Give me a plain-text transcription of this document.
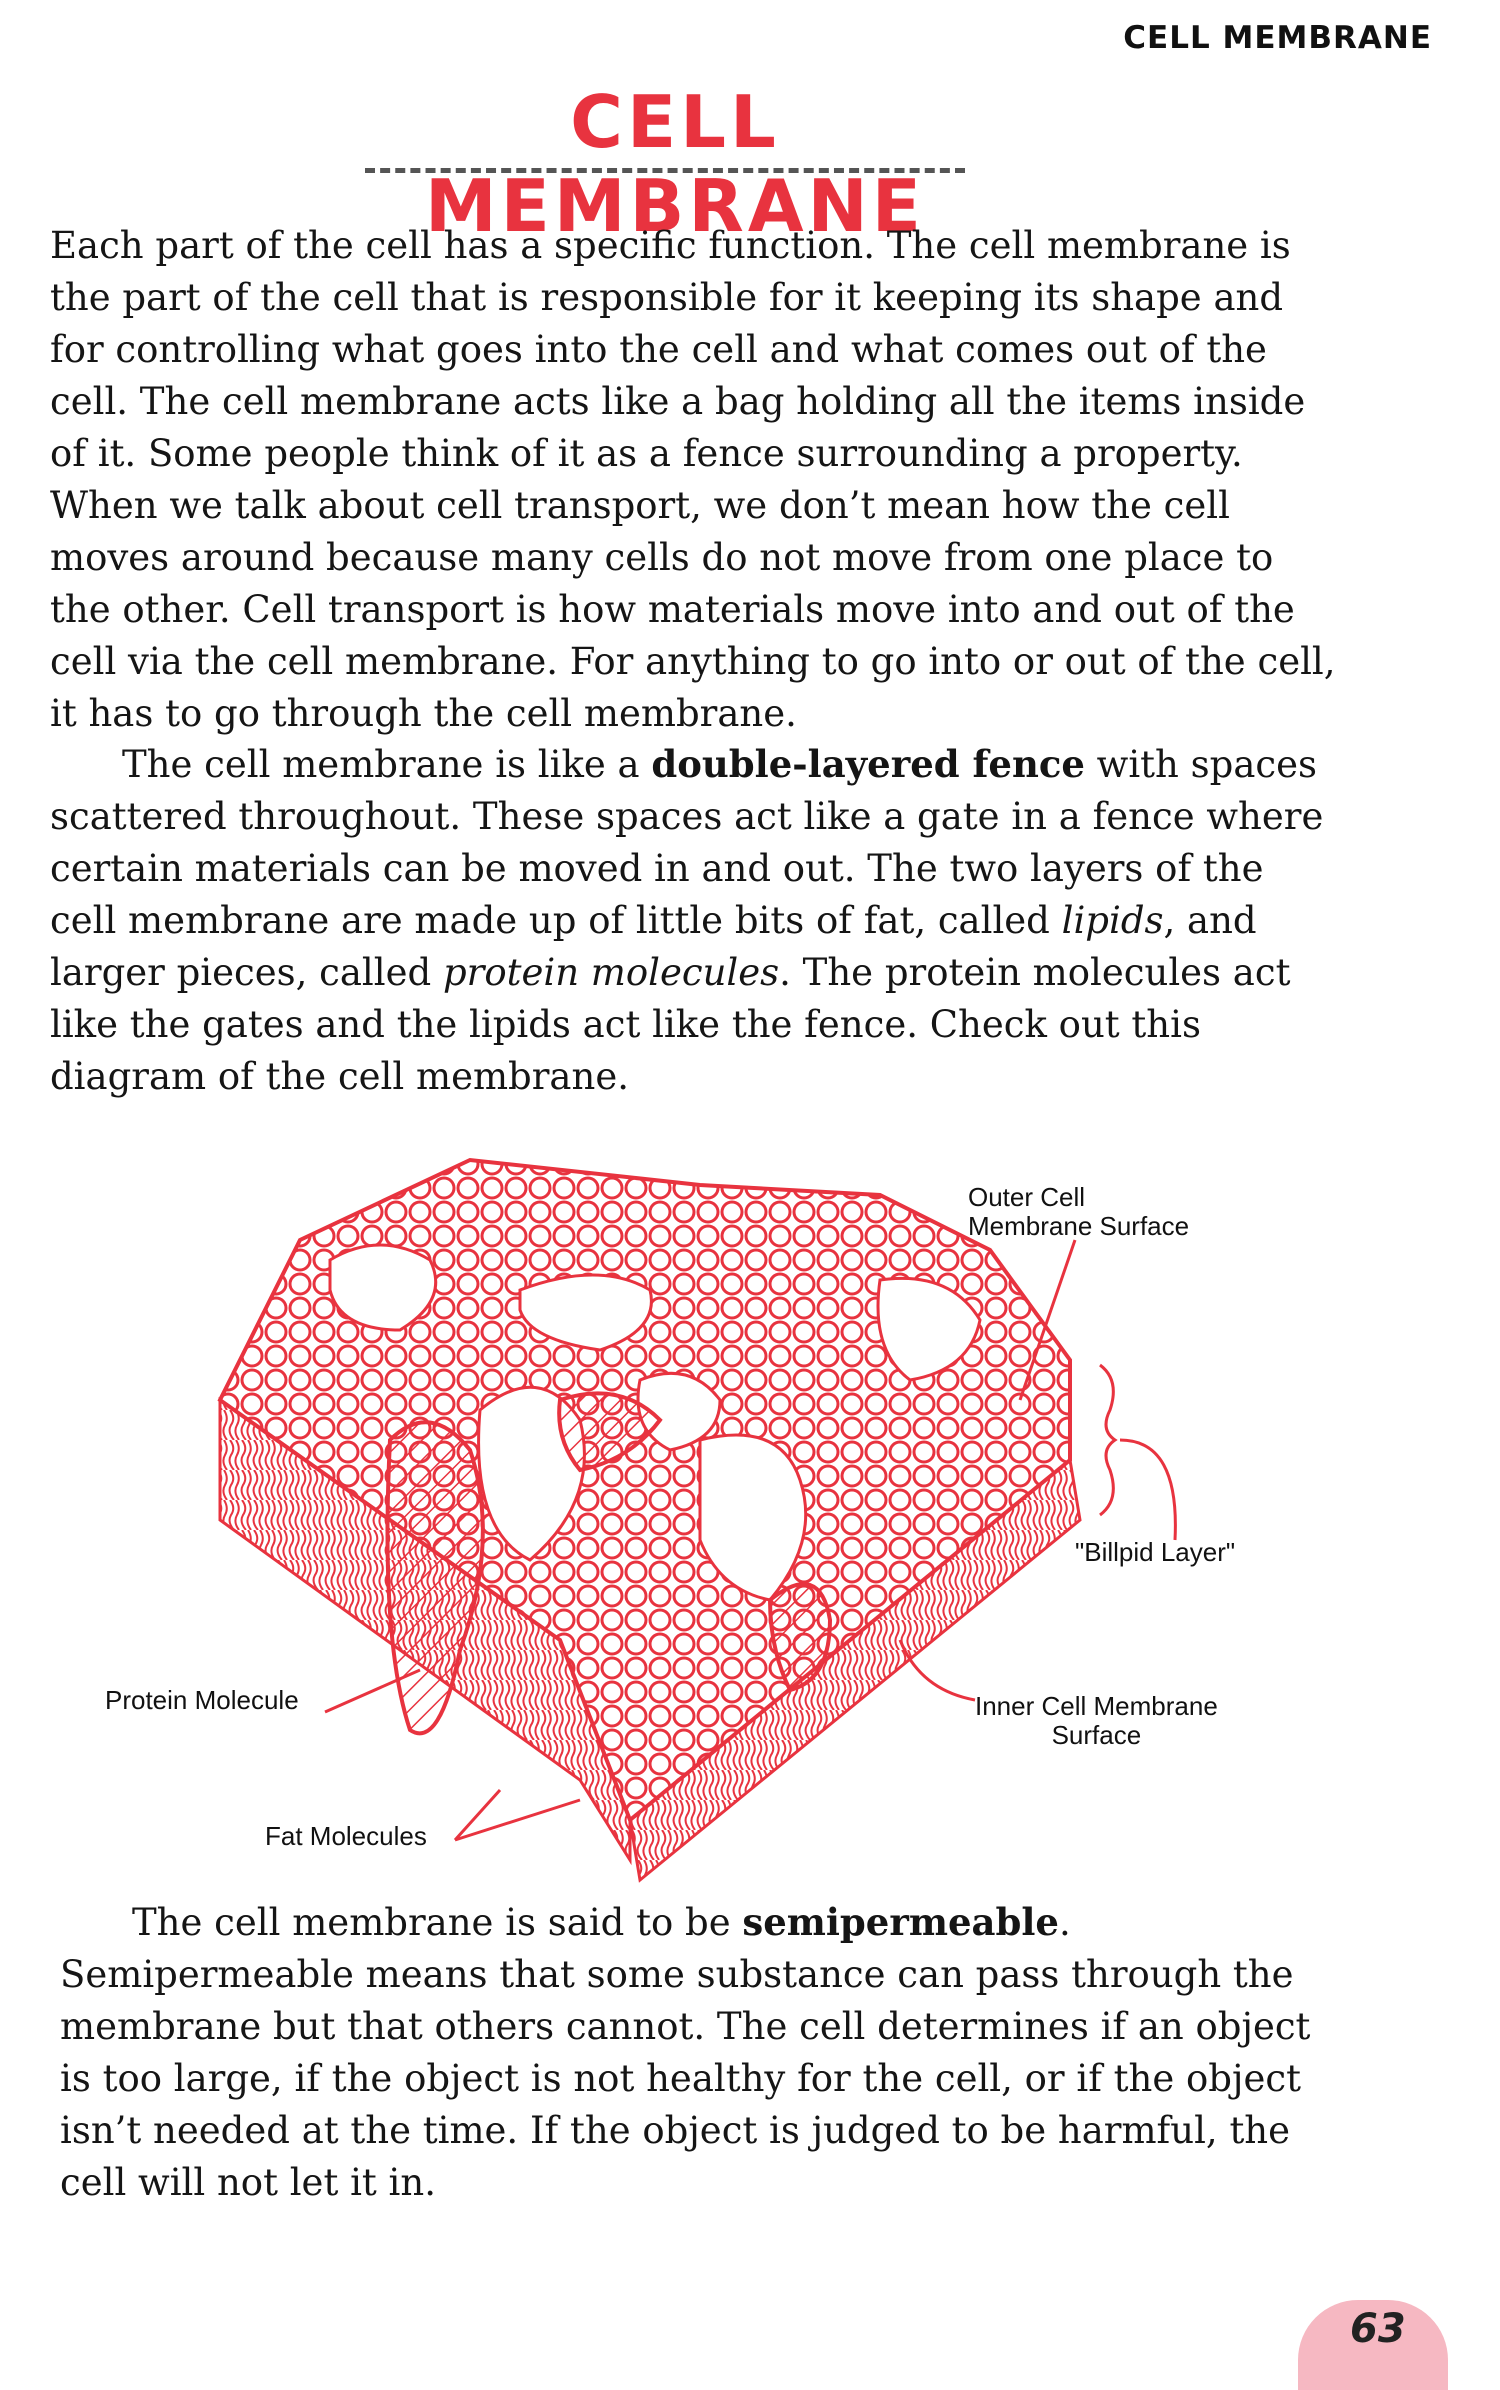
CELL MEMBRANE
CELL MEMBRANE

Each part of the cell has a specific function. The cell membrane is the part of the cell that is responsible for it keeping its shape and for controlling what goes into the cell and what comes out of the cell. The cell membrane acts like a bag holding all the items inside of it. Some people think of it as a fence surrounding a property. When we talk about cell transport, we don’t mean how the cell moves around because many cells do not move from one place to the other. Cell transport is how materials move into and out of the cell via the cell membrane. For anything to go into or out of the cell, it has to go through the cell membrane.

The cell membrane is like a double-layered fence with spaces scattered throughout. These spaces act like a gate in a fence where certain materials can be moved in and out. The two layers of the cell membrane are made up of little bits of fat, called lipids, and larger pieces, called protein molecules. The protein molecules act like the gates and the lipids act like the fence. Check out this diagram of the cell membrane.

Outer Cell
Membrane Surface
"Billpid Layer"
Protein Molecule	Inner Cell Membrane
Surface
Fat Molecules

The cell membrane is said to be semipermeable. Semipermeable means that some substance can pass through the membrane but that others cannot. The cell determines if an object is too large, if the object is not healthy for the cell, or if the object isn’t needed at the time. If the object is judged to be harmful, the cell will not let it in.

63
